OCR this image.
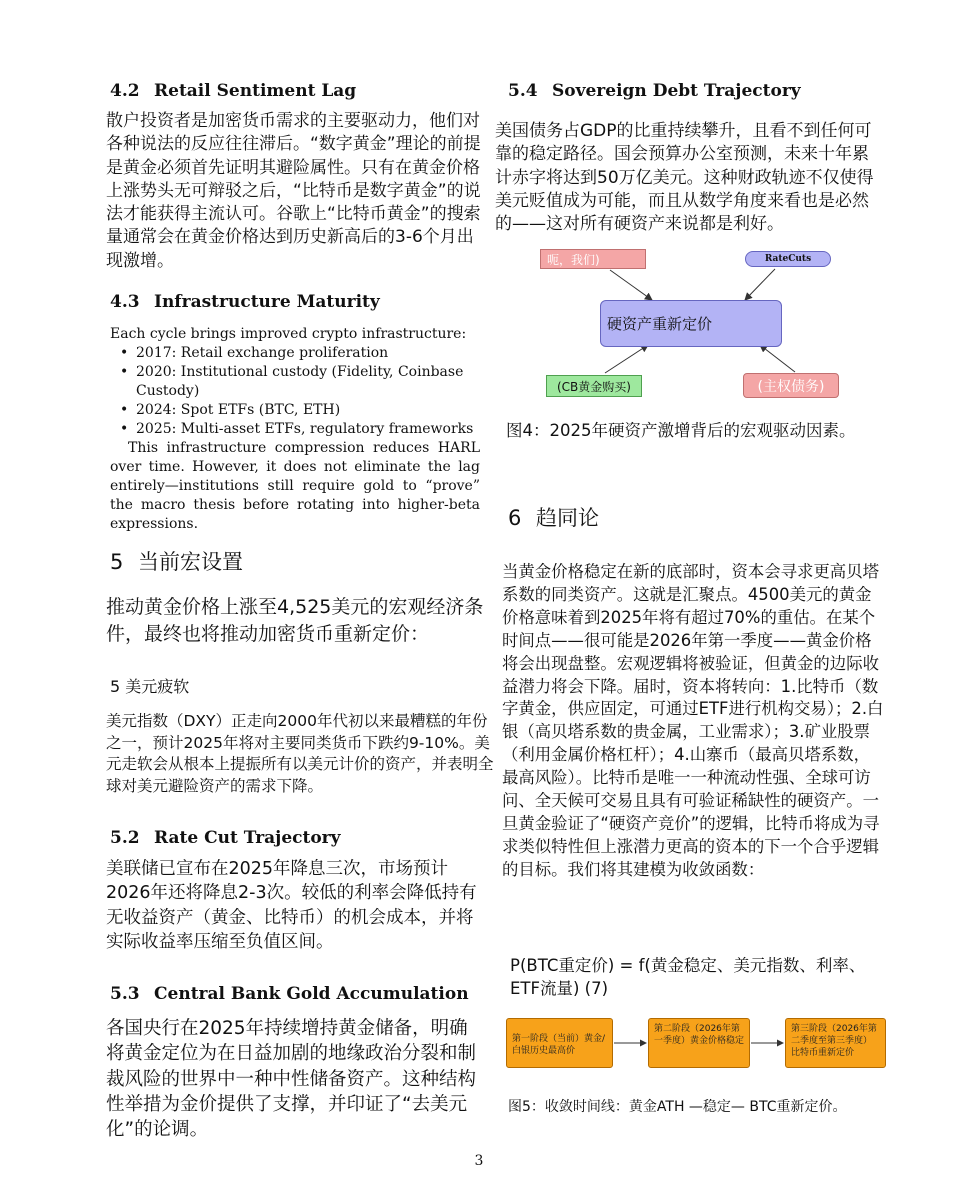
4.2 Retail Sentiment Lag
散户投资者是加密货币需求的主要驱动力，他们对各种说法的反应往往滞后。“数字黄金”理论的前提是黄金必须首先证明其避险属性。只有在黄金价格上涨势头无可辩驳之后，“比特币是数字黄金”的说法才能获得主流认可。谷歌上“比特币黄金”的搜索量通常会在黄金价格达到历史新高后的3-6个月出现激增。
4.3 Infrastructure Maturity
Each cycle brings improved crypto infrastructure:
• 2017: Retail exchange proliferation
• 2020: Institutional custody (Fidelity, Coinbase Custody)
• 2024: Spot ETFs (BTC, ETH)
• 2025: Multi-asset ETFs, regulatory frameworks
This infrastructure compression reduces HARL over time. However, it does not eliminate the lag entirely—institutions still require gold to “prove” the macro thesis before rotating into higher-beta expressions.
5 当前宏设置
推动黄金价格上涨至4,525美元的宏观经济条件，最终也将推动加密货币重新定价：
5 美元疲软
美元指数（DXY）正走向2000年代初以来最糟糕的年份之一，预计2025年将对主要同类货币下跌约9-10%。美元走软会从根本上提振所有以美元计价的资产，并表明全球对美元避险资产的需求下降。
5.2 Rate Cut Trajectory
美联储已宣布在2025年降息三次，市场预计2026年还将降息2-3次。较低的利率会降低持有无收益资产（黄金、比特币）的机会成本，并将实际收益率压缩至负值区间。
5.3 Central Bank Gold Accumulation
各国央行在2025年持续增持黄金储备，明确将黄金定位为在日益加剧的地缘政治分裂和制裁风险的世界中一种中性储备资产。这种结构性举措为金价提供了支撑，并印证了“去美元化”的论调。
5.4 Sovereign Debt Trajectory
美国债务占GDP的比重持续攀升，且看不到任何可靠的稳定路径。国会预算办公室预测，未来十年累计赤字将达到50万亿美元。这种财政轨迹不仅使得美元贬值成为可能，而且从数学角度来看也是必然的——这对所有硬资产来说都是利好。
呃，我们)	RateCuts
硬资产重新定价
(CB黄金购买)	(主权债务)
图4：2025年硬资产激增背后的宏观驱动因素。
6 趋同论
当黄金价格稳定在新的底部时，资本会寻求更高贝塔系数的同类资产。这就是汇聚点。4500美元的黄金价格意味着到2025年将有超过70%的重估。在某个时间点——很可能是2026年第一季度——黄金价格将会出现盘整。宏观逻辑将被验证，但黄金的边际收益潜力将会下降。届时，资本将转向：1.比特币（数字黄金，供应固定，可通过ETF进行机构交易）；2.白银（高贝塔系数的贵金属，工业需求）；3.矿业股票（利用金属价格杠杆）；4.山寨币（最高贝塔系数，最高风险）。比特币是唯一一种流动性强、全球可访问、全天候可交易且具有可验证稀缺性的硬资产。一旦黄金验证了“硬资产竞价”的逻辑，比特币将成为寻求类似特性但上涨潜力更高的资本的下一个合乎逻辑的目标。我们将其建模为收敛函数：
P(BTC重定价) = f(黄金稳定、美元指数、利率、ETF流量) (7)
第一阶段（当前）黄金/白银历史最高价
第二阶段（2026年第一季度）黄金价格稳定
第三阶段（2026年第二季度至第三季度）比特币重新定价
图5：收敛时间线：黄金ATH —稳定— BTC重新定价。
3
